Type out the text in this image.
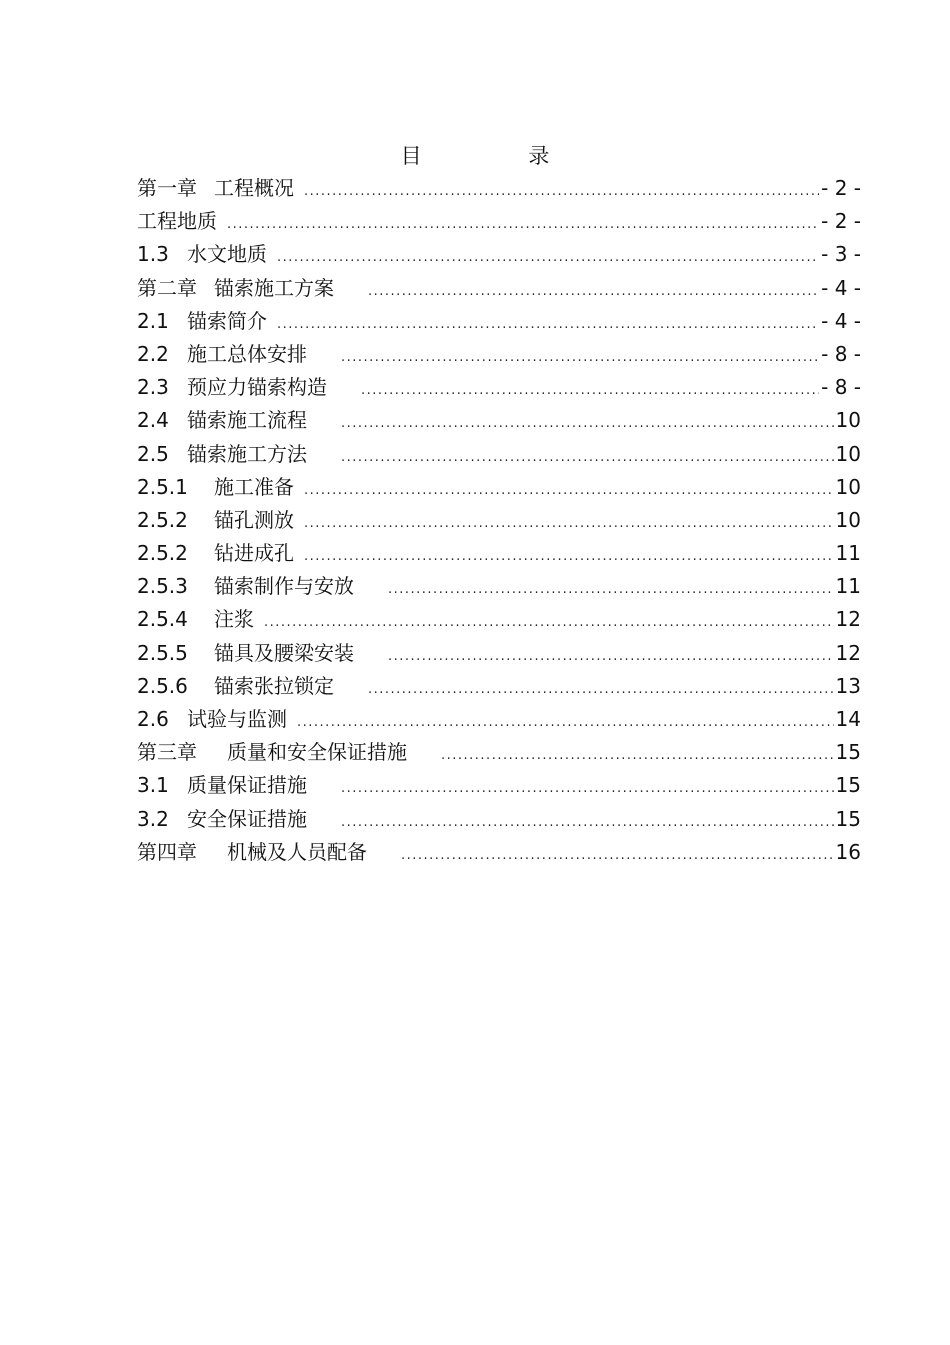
目 录
第一章 工程概况 .....	- 2 -
工程地质 .....	- 2 -
1.3 水文地质 .....	- 3 -
第二章 锚索施工方案 .....	- 4 -
2.1 锚索简介 .....	- 4 -
2.2 施工总体安排 .....	- 8 -
2.3 预应力锚索构造 .....	- 8 -
2.4 锚索施工流程 .....	10
2.5 锚索施工方法 .....	10
2.5.1	施工准备 .....	10
2.5.2	锚孔测放 .....	10
2.5.2	钻进成孔 .....	11
2.5.3	锚索制作与安放 .....	11
2.5.4	注浆 .....	12
2.5.5	锚具及腰梁安装 .....	12
2.5.6	锚索张拉锁定 .....	13
2.6 试验与监测 .....	14
第三章	质量和安全保证措施 .....	15
3.1 质量保证措施 .....	15
3.2 安全保证措施 .....	15
第四章	机械及人员配备 .....	16
